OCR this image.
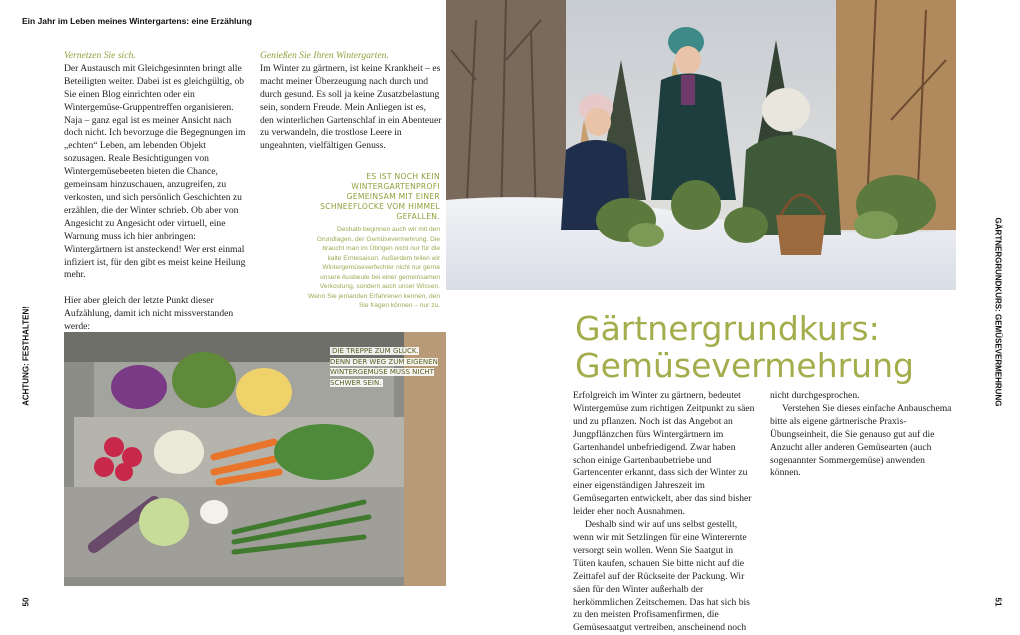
Ein Jahr im Leben meines Wintergartens: eine Erzählung
ACHTUNG: FESTHALTEN!	GÄRTNERGRUNDKURS: GEMÜSEVERMEHRUNG
50	51

Vernetzen Sie sich.
Der Austausch mit Gleichgesinnten bringt alle Beteiligten weiter. Dabei ist es gleichgültig, ob Sie einen Blog einrichten oder ein Wintergemüse-Gruppentreffen organisieren. Naja – ganz egal ist es meiner Ansicht nach doch nicht. Ich bevorzuge die Begegnungen im „echten“ Leben, am lebenden Objekt sozusagen. Reale Besichtigungen von Wintergemüsebeeten bieten die Chance, gemeinsam hinzuschauen, anzugreifen, zu verkosten, und sich persönlich Geschichten zu erzählen, die der Winter schrieb. Ob aber von Angesicht zu Angesicht oder virtuell, eine Warnung muss ich hier anbringen: Wintergärtnern ist ansteckend! Wer erst einmal infiziert ist, für den gibt es meist keine Heilung mehr.

Hier aber gleich der letzte Punkt dieser Aufzählung, damit ich nicht missverstanden werde:

Genießen Sie Ihren Wintergarten.
Im Winter zu gärtnern, ist keine Krankheit – es macht meiner Überzeugung nach durch und durch gesund. Es soll ja keine Zusatzbelastung sein, sondern Freude. Mein Anliegen ist es, den winterlichen Gartenschlaf in ein Abenteuer zu verwandeln, die trostlose Leere in ungeahnten, vielfältigen Genuss.

ES IST NOCH KEIN WINTERGARTENPROFI GEMEINSAM MIT EINER SCHNEEFLOCKE VOM HIMMEL GEFALLEN.
Deshalb beginnen auch wir mit den Grundlagen, der Gemüsevermehrung. Die braucht man im Übrigen nicht nur für die kalte Erntesaison. Außerdem teilen wir Wintergemüseverfechter nicht nur gerne unsere Ausbeute bei einer gemeinsamen Verkostung, sondern auch unser Wissen. Wenn Sie jemanden Erfahrenen kennen, den Sie fragen können – nur zu.
DIE TREPPE ZUM GLÜCK. DENN DER WEG ZUM EIGENEN WINTERGEMÜSE MUSS NICHT SCHWER SEIN.
Gärtnergrundkurs:
Gemüsevermehrung

Erfolgreich im Winter zu gärtnern, bedeutet Wintergemüse zum richtigen Zeitpunkt zu säen und zu pflanzen. Noch ist das Angebot an Jungpflänzchen fürs Wintergärtnern im Gartenhandel unbefriedigend. Zwar haben schon einige Gartenbaubetriebe und Gartencenter erkannt, dass sich der Winter zu einer eigenständigen Jahreszeit im Gemüsegarten entwickelt, aber das sind bisher leider eher noch Ausnahmen.

Deshalb sind wir auf uns selbst gestellt, wenn wir mit Setzlingen für eine Winterernte versorgt sein wollen. Wenn Sie Saatgut in Tüten kaufen, schauen Sie bitte nicht auf die Zeittafel auf der Rückseite der Packung. Wir säen für den Winter außerhalb der herkömmlichen Zeitschemen. Das hat sich bis zu den meisten Profisamenfirmen, die Gemüsesaatgut vertreiben, anscheinend noch

nicht durchgesprochen.

Verstehen Sie dieses einfache Anbauschema bitte als eigene gärtnerische Praxis-Übungseinheit, die Sie genauso gut auf die Anzucht aller anderen Gemüsearten (auch sogenannter Sommergemüse) anwenden können.
